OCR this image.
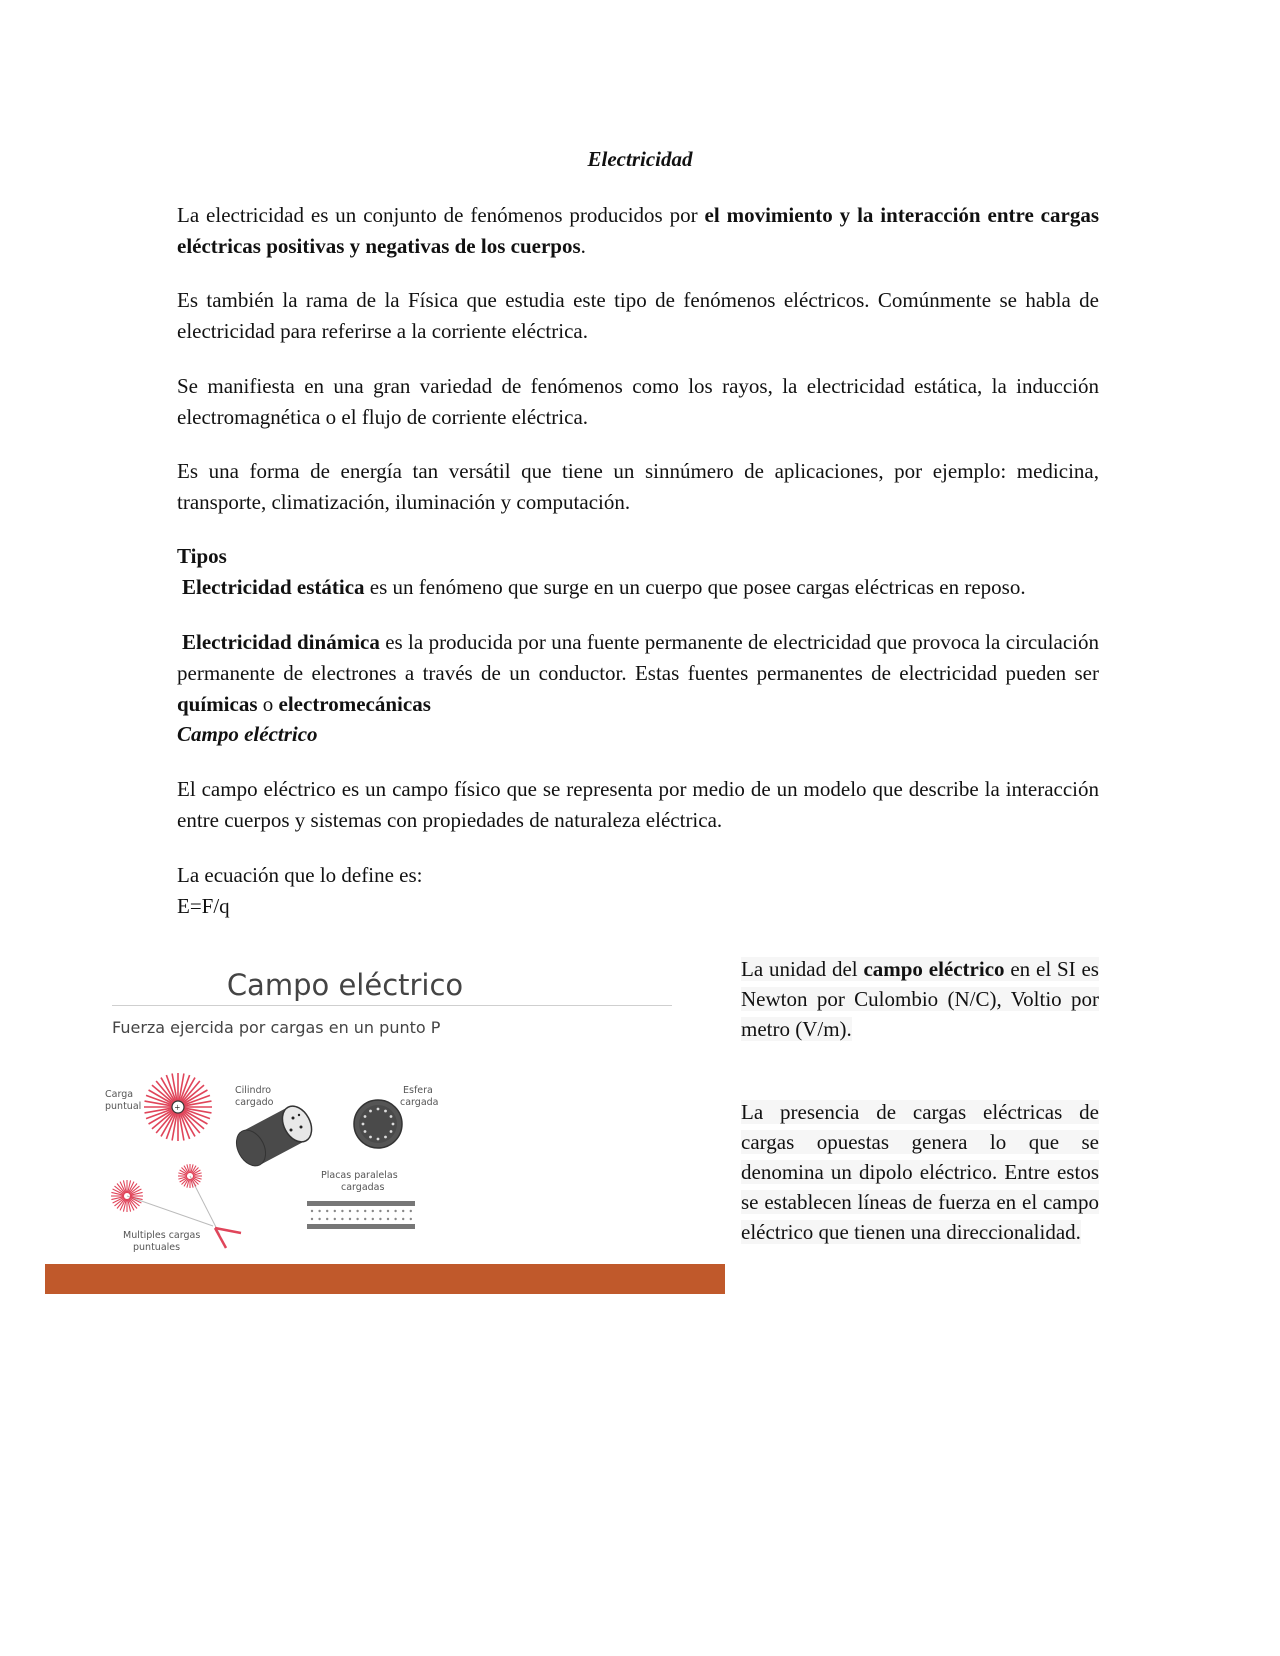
Electricidad

La electricidad es un conjunto de fenómenos producidos por el movimiento y la interacción entre cargas eléctricas positivas y negativas de los cuerpos.

Es también la rama de la Física que estudia este tipo de fenómenos eléctricos. Comúnmente se habla de electricidad para referirse a la corriente eléctrica.

Se manifiesta en una gran variedad de fenómenos como los rayos, la electricidad estática, la inducción electromagnética o el flujo de corriente eléctrica.

Es una forma de energía tan versátil que tiene un sinnúmero de aplicaciones, por ejemplo: medicina, transporte, climatización, iluminación y computación.

Tipos

Electricidad estática es un fenómeno que surge en un cuerpo que posee cargas eléctricas en reposo.

Electricidad dinámica es la producida por una fuente permanente de electricidad que provoca la circulación permanente de electrones a través de un conductor. Estas fuentes permanentes de electricidad pueden ser químicas o electromecánicas

Campo eléctrico

El campo eléctrico es un campo físico que se representa por medio de un modelo que describe la interacción entre cuerpos y sistemas con propiedades de naturaleza eléctrica.

La ecuación que lo define es:

E=F/q

Campo eléctrico
Fuerza ejercida por cargas en un punto P
+
Carga
puntual
Cilindro
cargado
Esfera
cargada
Multiples cargas
puntuales
Placas paralelas
cargadas

La unidad del campo eléctrico en el SI es Newton por Culombio (N/C), Voltio por metro (V/m).

La presencia de cargas eléctricas de cargas opuestas genera lo que se denomina un dipolo eléctrico. Entre estos se establecen líneas de fuerza en el campo eléctrico que tienen una direccionalidad.
